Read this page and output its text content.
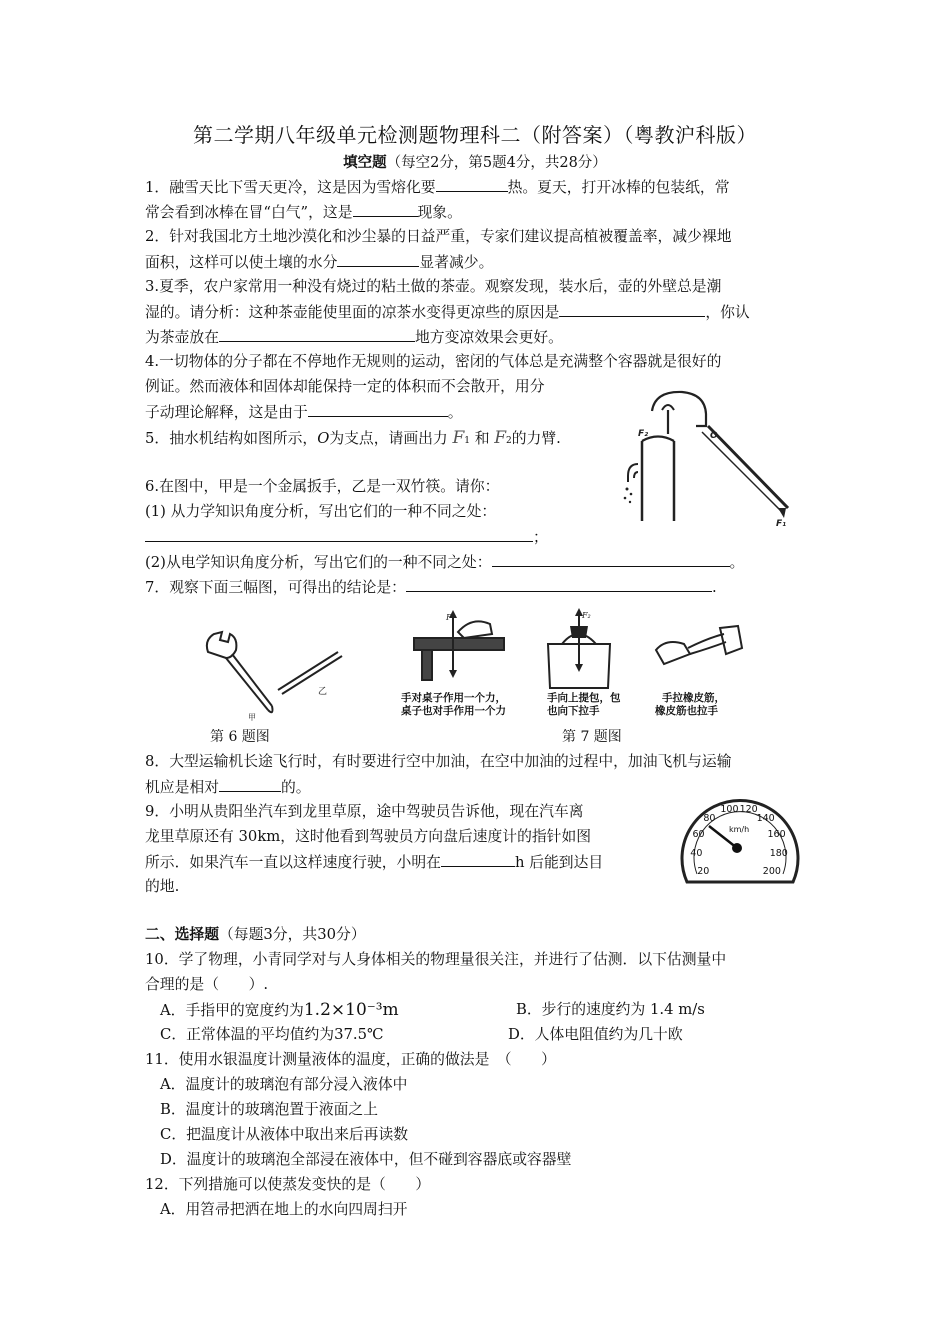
第二学期八年级单元检测题物理科二（附答案）（粤教沪科版）
填空题（每空2分，第5题4分，共28分）
1．融雪天比下雪天更冷，这是因为雪熔化要	热。夏天，打开冰棒的包装纸，常
常会看到冰棒在冒“白气”，这是	现象。
2．针对我国北方土地沙漠化和沙尘暴的日益严重，专家们建议提高植被覆盖率，减少裸地
面积，这样可以使土壤的水分	显著减少。
3.夏季，农户家常用一种没有烧过的粘土做的茶壶。观察发现，装水后，壶的外壁总是潮
湿的。请分析：这种茶壶能使里面的凉茶水变得更凉些的原因是	，你认
为茶壶放在	地方变凉效果会更好。
4.一切物体的分子都在不停地作无规则的运动，密闭的气体总是充满整个容器就是很好的
例证。然而液体和固体却能保持一定的体积而不会散开，用分
子动理论解释，这是由于	。
5．抽水机结构如图所示，O为支点，请画出力 F1 和 F2的力臂.
6.在图中，甲是一个金属扳手，乙是一双竹筷。请你：
(1) 从力学知识角度分析，写出它们的一种不同之处：
；
(2)从电学知识角度分析，写出它们的一种不同之处：	。
7．观察下面三幅图，可得出的结论是：	.
F₂	O
F₁
甲
乙
F₁	F₂
手对桌子作用一个力，
桌子也对手作用一个力
手向上提包，包
也向下拉手
手拉橡皮筋，
橡皮筋也拉手
第 6 题图	第 7 题图
8．大型运输机长途飞行时，有时要进行空中加油，在空中加油的过程中，加油飞机与运输
机应是相对	的。
9．小明从贵阳坐汽车到龙里草原，途中驾驶员告诉他，现在汽车离
龙里草原还有 30km，这时他看到驾驶员方向盘后速度计的指针如图
所示．如果汽车一直以这样速度行驶，小明在	h 后能到达目
的地.
20
40
60
80
100 120
140
160
180
200
km/h
二、选择题（每题3分，共30分）
10．学了物理，小青同学对与人身体相关的物理量很关注，并进行了估测．以下估测量中
合理的是（　　）.
A．手指甲的宽度约为1.2×10⁻³m	B．步行的速度约为 1.4 m/s
C．正常体温的平均值约为37.5℃	D．人体电阻值约为几十欧
11．使用水银温度计测量液体的温度，正确的做法是　（　　）
A．温度计的玻璃泡有部分浸入液体中
B．温度计的玻璃泡置于液面之上
C．把温度计从液体中取出来后再读数
D．温度计的玻璃泡全部浸在液体中，但不碰到容器底或容器壁
12．下列措施可以使蒸发变快的是（　　）
A．用笤帚把洒在地上的水向四周扫开
